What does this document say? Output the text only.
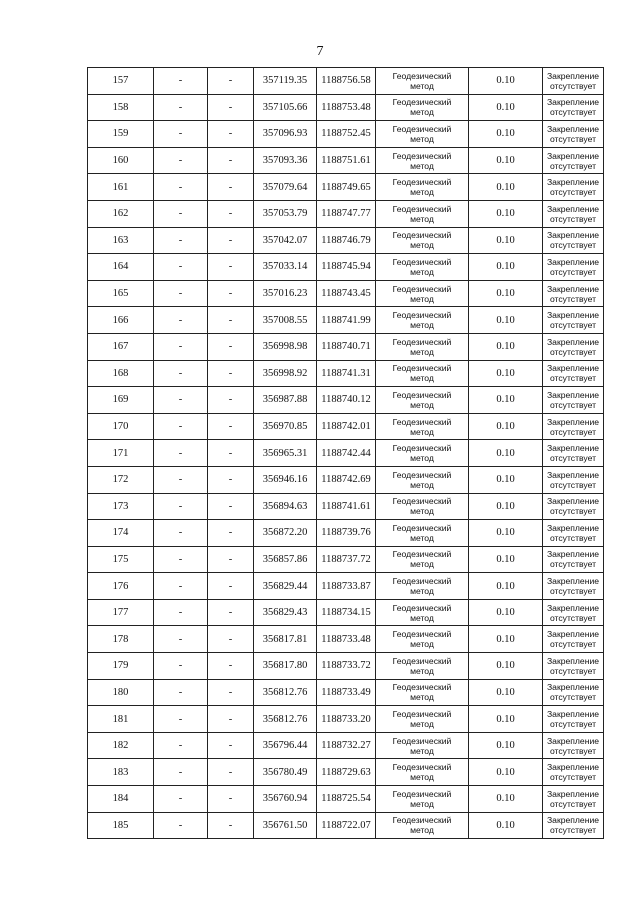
7
157	-	-	357119.35	1188756.58	Геодезический
метод	0.10	Закрепление
отсутствует

158	-	-	357105.66	1188753.48	Геодезический
метод	0.10	Закрепление
отсутствует

159	-	-	357096.93	1188752.45	Геодезический
метод	0.10	Закрепление
отсутствует

160	-	-	357093.36	1188751.61	Геодезический
метод	0.10	Закрепление
отсутствует

161	-	-	357079.64	1188749.65	Геодезический
метод	0.10	Закрепление
отсутствует

162	-	-	357053.79	1188747.77	Геодезический
метод	0.10	Закрепление
отсутствует

163	-	-	357042.07	1188746.79	Геодезический
метод	0.10	Закрепление
отсутствует

164	-	-	357033.14	1188745.94	Геодезический
метод	0.10	Закрепление
отсутствует

165	-	-	357016.23	1188743.45	Геодезический
метод	0.10	Закрепление
отсутствует

166	-	-	357008.55	1188741.99	Геодезический
метод	0.10	Закрепление
отсутствует

167	-	-	356998.98	1188740.71	Геодезический
метод	0.10	Закрепление
отсутствует

168	-	-	356998.92	1188741.31	Геодезический
метод	0.10	Закрепление
отсутствует

169	-	-	356987.88	1188740.12	Геодезический
метод	0.10	Закрепление
отсутствует

170	-	-	356970.85	1188742.01	Геодезический
метод	0.10	Закрепление
отсутствует

171	-	-	356965.31	1188742.44	Геодезический
метод	0.10	Закрепление
отсутствует

172	-	-	356946.16	1188742.69	Геодезический
метод	0.10	Закрепление
отсутствует

173	-	-	356894.63	1188741.61	Геодезический
метод	0.10	Закрепление
отсутствует

174	-	-	356872.20	1188739.76	Геодезический
метод	0.10	Закрепление
отсутствует

175	-	-	356857.86	1188737.72	Геодезический
метод	0.10	Закрепление
отсутствует

176	-	-	356829.44	1188733.87	Геодезический
метод	0.10	Закрепление
отсутствует

177	-	-	356829.43	1188734.15	Геодезический
метод	0.10	Закрепление
отсутствует

178	-	-	356817.81	1188733.48	Геодезический
метод	0.10	Закрепление
отсутствует

179	-	-	356817.80	1188733.72	Геодезический
метод	0.10	Закрепление
отсутствует

180	-	-	356812.76	1188733.49	Геодезический
метод	0.10	Закрепление
отсутствует

181	-	-	356812.76	1188733.20	Геодезический
метод	0.10	Закрепление
отсутствует

182	-	-	356796.44	1188732.27	Геодезический
метод	0.10	Закрепление
отсутствует

183	-	-	356780.49	1188729.63	Геодезический
метод	0.10	Закрепление
отсутствует

184	-	-	356760.94	1188725.54	Геодезический
метод	0.10	Закрепление
отсутствует

185	-	-	356761.50	1188722.07	Геодезический
метод	0.10	Закрепление
отсутствует
